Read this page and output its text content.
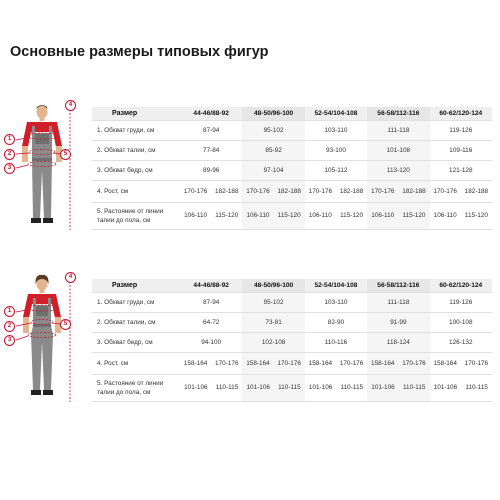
Основные размеры типовых фигур
1
2
3
4
5
Размер	44-46/88-92	48-50/96-100	52-54/104-108	56-58/112-116	60-62/120-124
1. Обхват груди, см	87-94	95-102	103-110	111-118	119-126
2. Обхват талии, см	77-84	85-92	93-100	101-108	109-116
3. Обхват бедр, см	89-96	97-104	105-112	113-120	121-128
4. Рост, см	170-176 182-188	170-176 182-188	170-176 182-188	170-176 182-188	170-176 182-188

5. Растояние от линии талии до пола, см	106-110 115-120	106-110 115-120	106-110 115-120	106-110 115-120	106-110 115-120
1
2
3
4
5
Размер	44-46/88-92	48-50/96-100	52-54/104-108	56-58/112-116	60-62/120-124
1. Обхват груди, см	87-94	95-102	103-110	111-118	119-126
2. Обхват талии, см	64-72	73-81	82-90	91-99	100-108
3. Обхват бедр, см	94-100	102-108	110-116	118-124	126-132
4. Рост, см	158-164 170-176	158-164 170-176	158-164 170-176	158-164 170-176	158-164 170-176

5. Растояние от линии талии до пола, см	101-106 110-115	101-106 110-115	101-106 110-115	101-106 110-115	101-106 110-115
